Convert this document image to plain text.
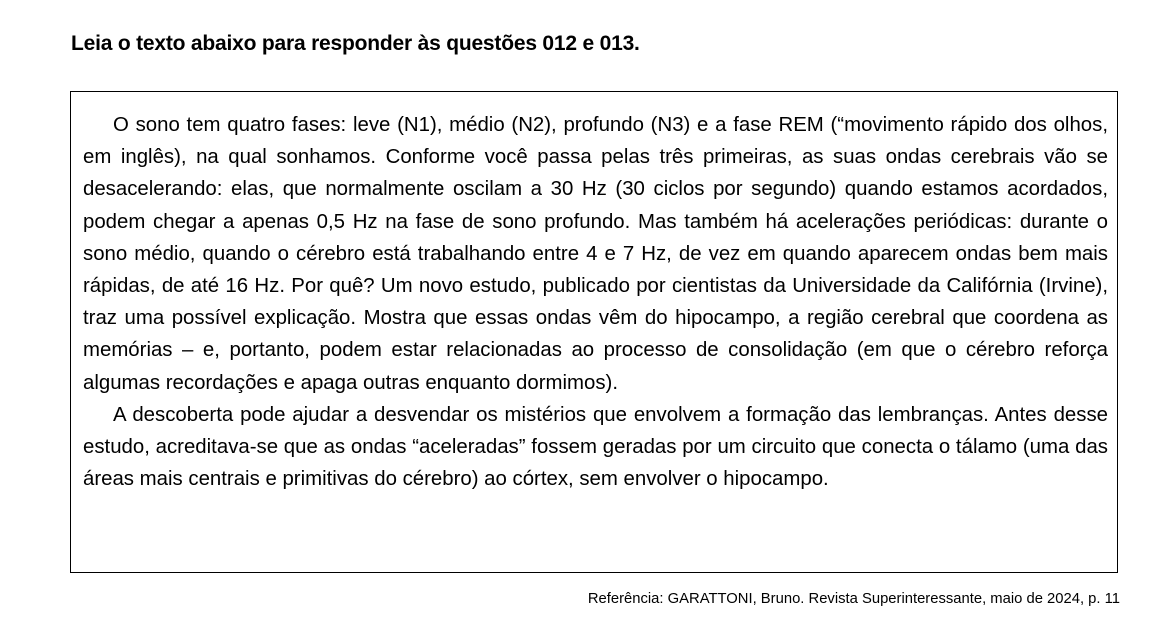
Leia o texto abaixo para responder às questões 012 e 013.

O sono tem quatro fases: leve (N1), médio (N2), profundo (N3) e a fase REM (“movimento rápido dos olhos, em inglês), na qual sonhamos. Conforme você passa pelas três primeiras, as suas ondas cerebrais vão se desacelerando: elas, que normalmente oscilam a 30 Hz (30 ciclos por segundo) quando estamos acordados, podem chegar a apenas 0,5 Hz na fase de sono profundo. Mas também há acelerações periódicas: durante o sono médio, quando o cérebro está trabalhando entre 4 e 7 Hz, de vez em quando aparecem ondas bem mais rápidas, de até 16 Hz. Por quê? Um novo estudo, publicado por cientistas da Universidade da Califórnia (Irvine), traz uma possível explicação. Mostra que essas ondas vêm do hipocampo, a região cerebral que coordena as memórias – e, portanto, podem estar relacionadas ao processo de consolidação (em que o cérebro reforça algumas recordações e apaga outras enquanto dormimos).

A descoberta pode ajudar a desvendar os mistérios que envolvem a formação das lembranças. Antes desse estudo, acreditava-se que as ondas “aceleradas” fossem geradas por um circuito que conecta o tálamo (uma das áreas mais centrais e primitivas do cérebro) ao córtex, sem envolver o hipocampo.

Referência: GARATTONI, Bruno. Revista Superinteressante, maio de 2024, p. 11
